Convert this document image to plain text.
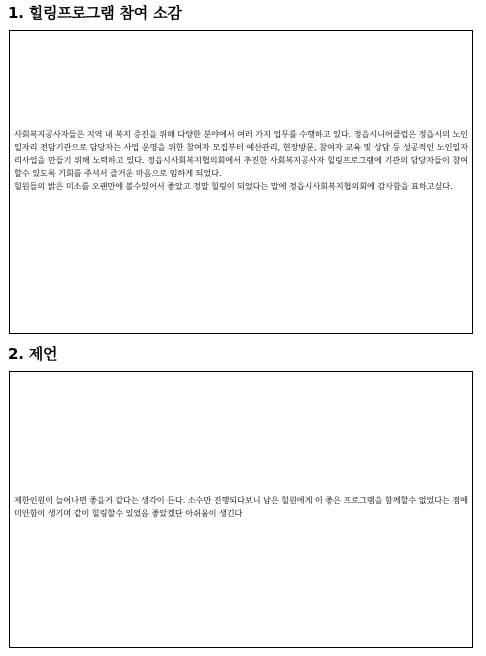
1. 힐링프로그램 참여 소감
사회복지공사자들은 지역 내 복지 증진을 위해 다양한 분야에서 여러 가지 업무를 수행하고 있다. 정읍시니어클럽은 정읍시의 노인일자리 전담기관으로 담당자는 사업 운영을 위한 참여자 모집부터 예산관리, 현장방문, 참여자 교육 및 상담 등 성공적인 노인일자리사업을 만들기 위해 노력하고 있다. 정읍시사회복지협의회에서 추진한 사회복지공사자 힐링프로그램에 기관의 담당자들이 참여할수 있도록 기회를 주셔서 즐거운 마음으로 임하게 되었다.
힐원들의 밝은 미소를 오랜만에 볼수있어서 좋았고 정말 힐링이 되었다는 말에 정읍시사회복지협의회에 감사함을 표하고싶다.
2. 제언
제한인원이 늘어나면 좋을거 같다는 생각이 든다. 소수만 진행되다보니 남은 힐원에게 이 좋은 프로그램을 함께할수 없었다는 점에 미안함이 생기며 같이 힐링할수 있었음 좋았겠단 아쉬움이 생긴다
